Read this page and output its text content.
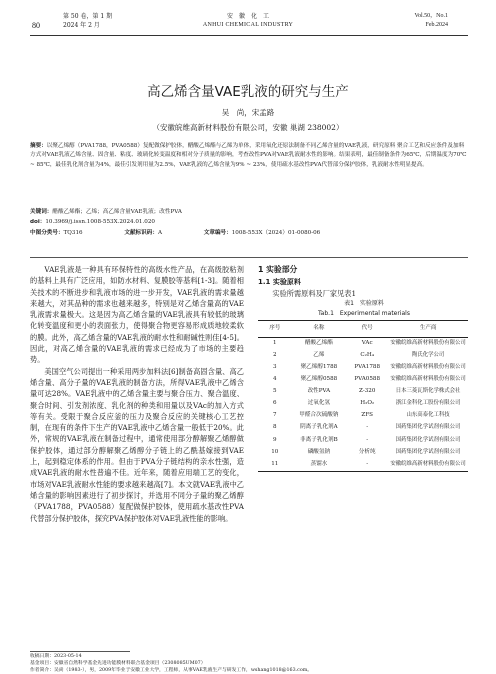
80
第 50 卷，第 1 期
2024 年 2 月
安　徽　化　工
ANHUI CHEMICAL INDUSTRY
Vol.50，No.1
Feb.2024
高乙烯含量VAE乳液的研究与生产
吴　尚，宋孟路
（安徽皖维高新材料股份有限公司，安徽 巢湖 238002）
摘要：以聚乙烯醇（PVA1788，PVA0588）复配做保护胶体，醋酸乙烯酯与乙烯为单体，采用氧化还原法制备不同乙烯含量的VAE乳液，研究原料 聚合工艺和反应条件及加料方式对VAE乳液乙烯含量、固含量、粘度、玻璃化转变温度和相对分子质量的影响，考查改性PVA对VAE乳液耐水性的影响。结果表明，最佳制备条件为65℃，后期温度为70℃ ~ 85℃，最佳乳化剂含量为4%，最佳引发剂用量为2.5%，VAE乳液的乙烯含量为9% ~ 23%，使用疏水基改性PVA代替部分保护胶体，乳液耐水性明显提高。
关键词：醋酸乙烯酯；乙烯；高乙烯含量VAE乳液；改性PVA
doi：10.3969/j.issn.1008-553X.2024.01.020
中图分类号：TQ316	文献标识码：A	文章编号：1008-553X（2024）01-0080-06

VAE乳液是一种具有环保特性的高级水性产品，在高级胶粘剂的基料上具有广泛应用，如防水材料、复膜胶等基料[1-3]。随着相关技术的不断进步和乳液市场的进一步开发，VAE乳液的需求量越来越大，对其品种的需求也越来越多，特别是对乙烯含量高的VAE乳液需求量极大。这是因为高乙烯含量的VAE乳液具有较低的玻璃化转变温度和更小的表面张力，使得聚合物更容易形成质地较柔软的膜。此外，高乙烯含量的VAE乳液的耐水性和耐碱性则佳[4-5]。因此，对高乙烯含量的VAE乳液的需求已经成为了市场的主要趋势。

美国空气公司提出一种采用两步加料法[6]制备高固含量、高乙烯含量、高分子量的VAE乳液的制备方法，所得VAE乳液中乙烯含量可达28%。VAE乳液中的乙烯含量主要与聚合压力、聚合温度、聚合时间、引发剂浓度、乳化剂的种类和用量以及VAc的加入方式等有关。受限于聚合反应釜的压力及聚合反应的关键核心工艺控制，在现有的条件下生产的VAE乳液中乙烯含量一般低于20%。此外，常规的VAE乳液在制备过程中，通常使用部分醇解聚乙烯醇做保护胶体，通过部分醇解聚乙烯醇分子链上的乙酰基嫁接到VAE上，起到稳定体系的作用。但由于PVA分子链结构的亲水性强，造成VAE乳液的耐水性普遍不佳。近年来，随着应用端工艺的变化，市场对VAE乳液耐水性能的要求越来越高[7]。本文就VAE乳液中乙烯含量的影响因素进行了初步探讨，并选用不同分子量的聚乙烯醇（PVA1788，PVA0588）复配做保护胶体，使用疏水基改性PVA代替部分保护胶体，探究PVA保护胶体对VAE乳液性能的影响。

1 实验部分
1.1 实验原料
实验所需原料及厂家见表1
表1　实验原料
Tab.1　Experimental materials
序号	名称	代号	生产商
1	醋酸乙烯酯	VAc	安徽皖维高新材料股份有限公司
2	乙烯	C₂H₄	陶氏化学公司
3	聚乙烯醇1788	PVA1788	安徽皖维高新材料股份有限公司
4	聚乙烯醇0588	PVA0588	安徽皖维高新材料股份有限公司
5	改性PVA	Z-320	日本三菱瓦斯化学株式会社
6	过氧化氢	H₂O₂	浙江金科化工股份有限公司
7	甲醛合次硫酸钠	ZFS	山东高泰化工科技
8	阴离子乳化剂A	-	国药集团化学试剂有限公司
9	非离子乳化剂B	-	国药集团化学试剂有限公司
10	磷酸氢钠	分析纯	国药集团化学试剂有限公司
11	蒸馏水	-	安徽皖维高新材料股份有限公司
收稿日期：2023-05-14
基金项目：安徽省自然科学基金先进功能膜材料联合基金项目（2308085UM07）
作者简介：吴尚（1983-），男，2009年毕业于安徽工业大学，工程师，从事VAE乳液生产与研发工作，wshang1018@163.com。
